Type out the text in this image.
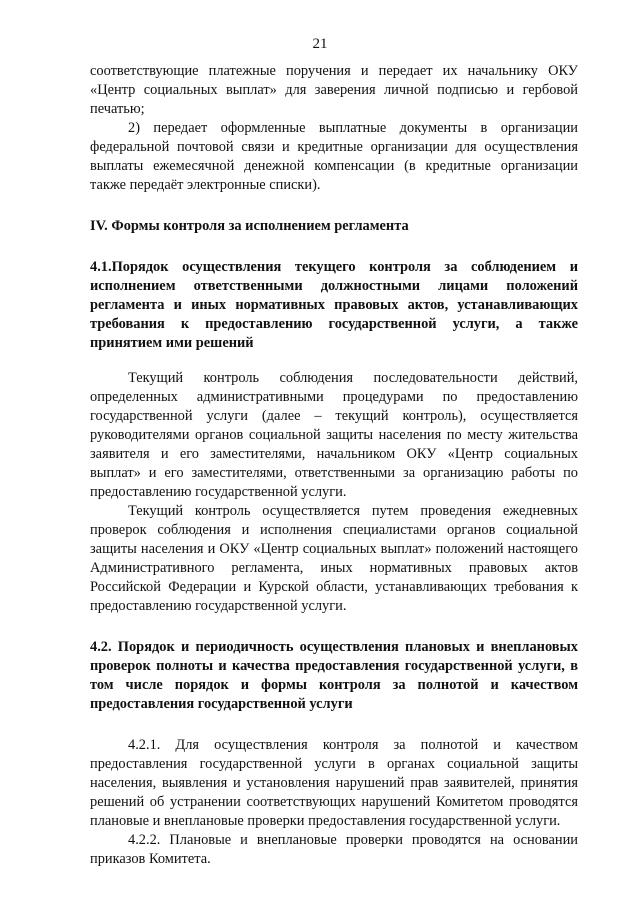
21

соответствующие платежные поручения и передает их начальнику ОКУ «Центр социальных выплат» для заверения личной подписью и гербовой печатью;

2) передает оформленные выплатные документы в организации федеральной почтовой связи и кредитные организации для осуществления выплаты ежемесячной денежной компенсации (в кредитные организации также передаёт электронные списки).

IV. Формы контроля за исполнением регламента

4.1.Порядок осуществления текущего контроля за соблюдением и исполнением ответственными должностными лицами положений регламента и иных нормативных правовых актов, устанавливающих требования к предоставлению государственной услуги, а также принятием ими решений

Текущий контроль соблюдения последовательности действий, определенных административными процедурами по предоставлению государственной услуги (далее – текущий контроль), осуществляется руководителями органов социальной защиты населения по месту жительства заявителя и его заместителями, начальником ОКУ «Центр социальных выплат» и его заместителями, ответственными за организацию работы по предоставлению государственной услуги.

Текущий контроль осуществляется путем проведения ежедневных проверок соблюдения и исполнения специалистами органов социальной защиты населения и ОКУ «Центр социальных выплат» положений настоящего Административного регламента, иных нормативных правовых актов Российской Федерации и Курской области, устанавливающих требования к предоставлению государственной услуги.

4.2. Порядок и периодичность осуществления плановых и внеплановых проверок полноты и качества предоставления государственной услуги, в том числе порядок и формы контроля за полнотой и качеством предоставления государственной услуги

4.2.1. Для осуществления контроля за полнотой и качеством предоставления государственной услуги в органах социальной защиты населения, выявления и установления нарушений прав заявителей, принятия решений об устранении соответствующих нарушений Комитетом проводятся плановые и внеплановые проверки предоставления государственной услуги.

4.2.2. Плановые и внеплановые проверки проводятся на основании приказов Комитета.
